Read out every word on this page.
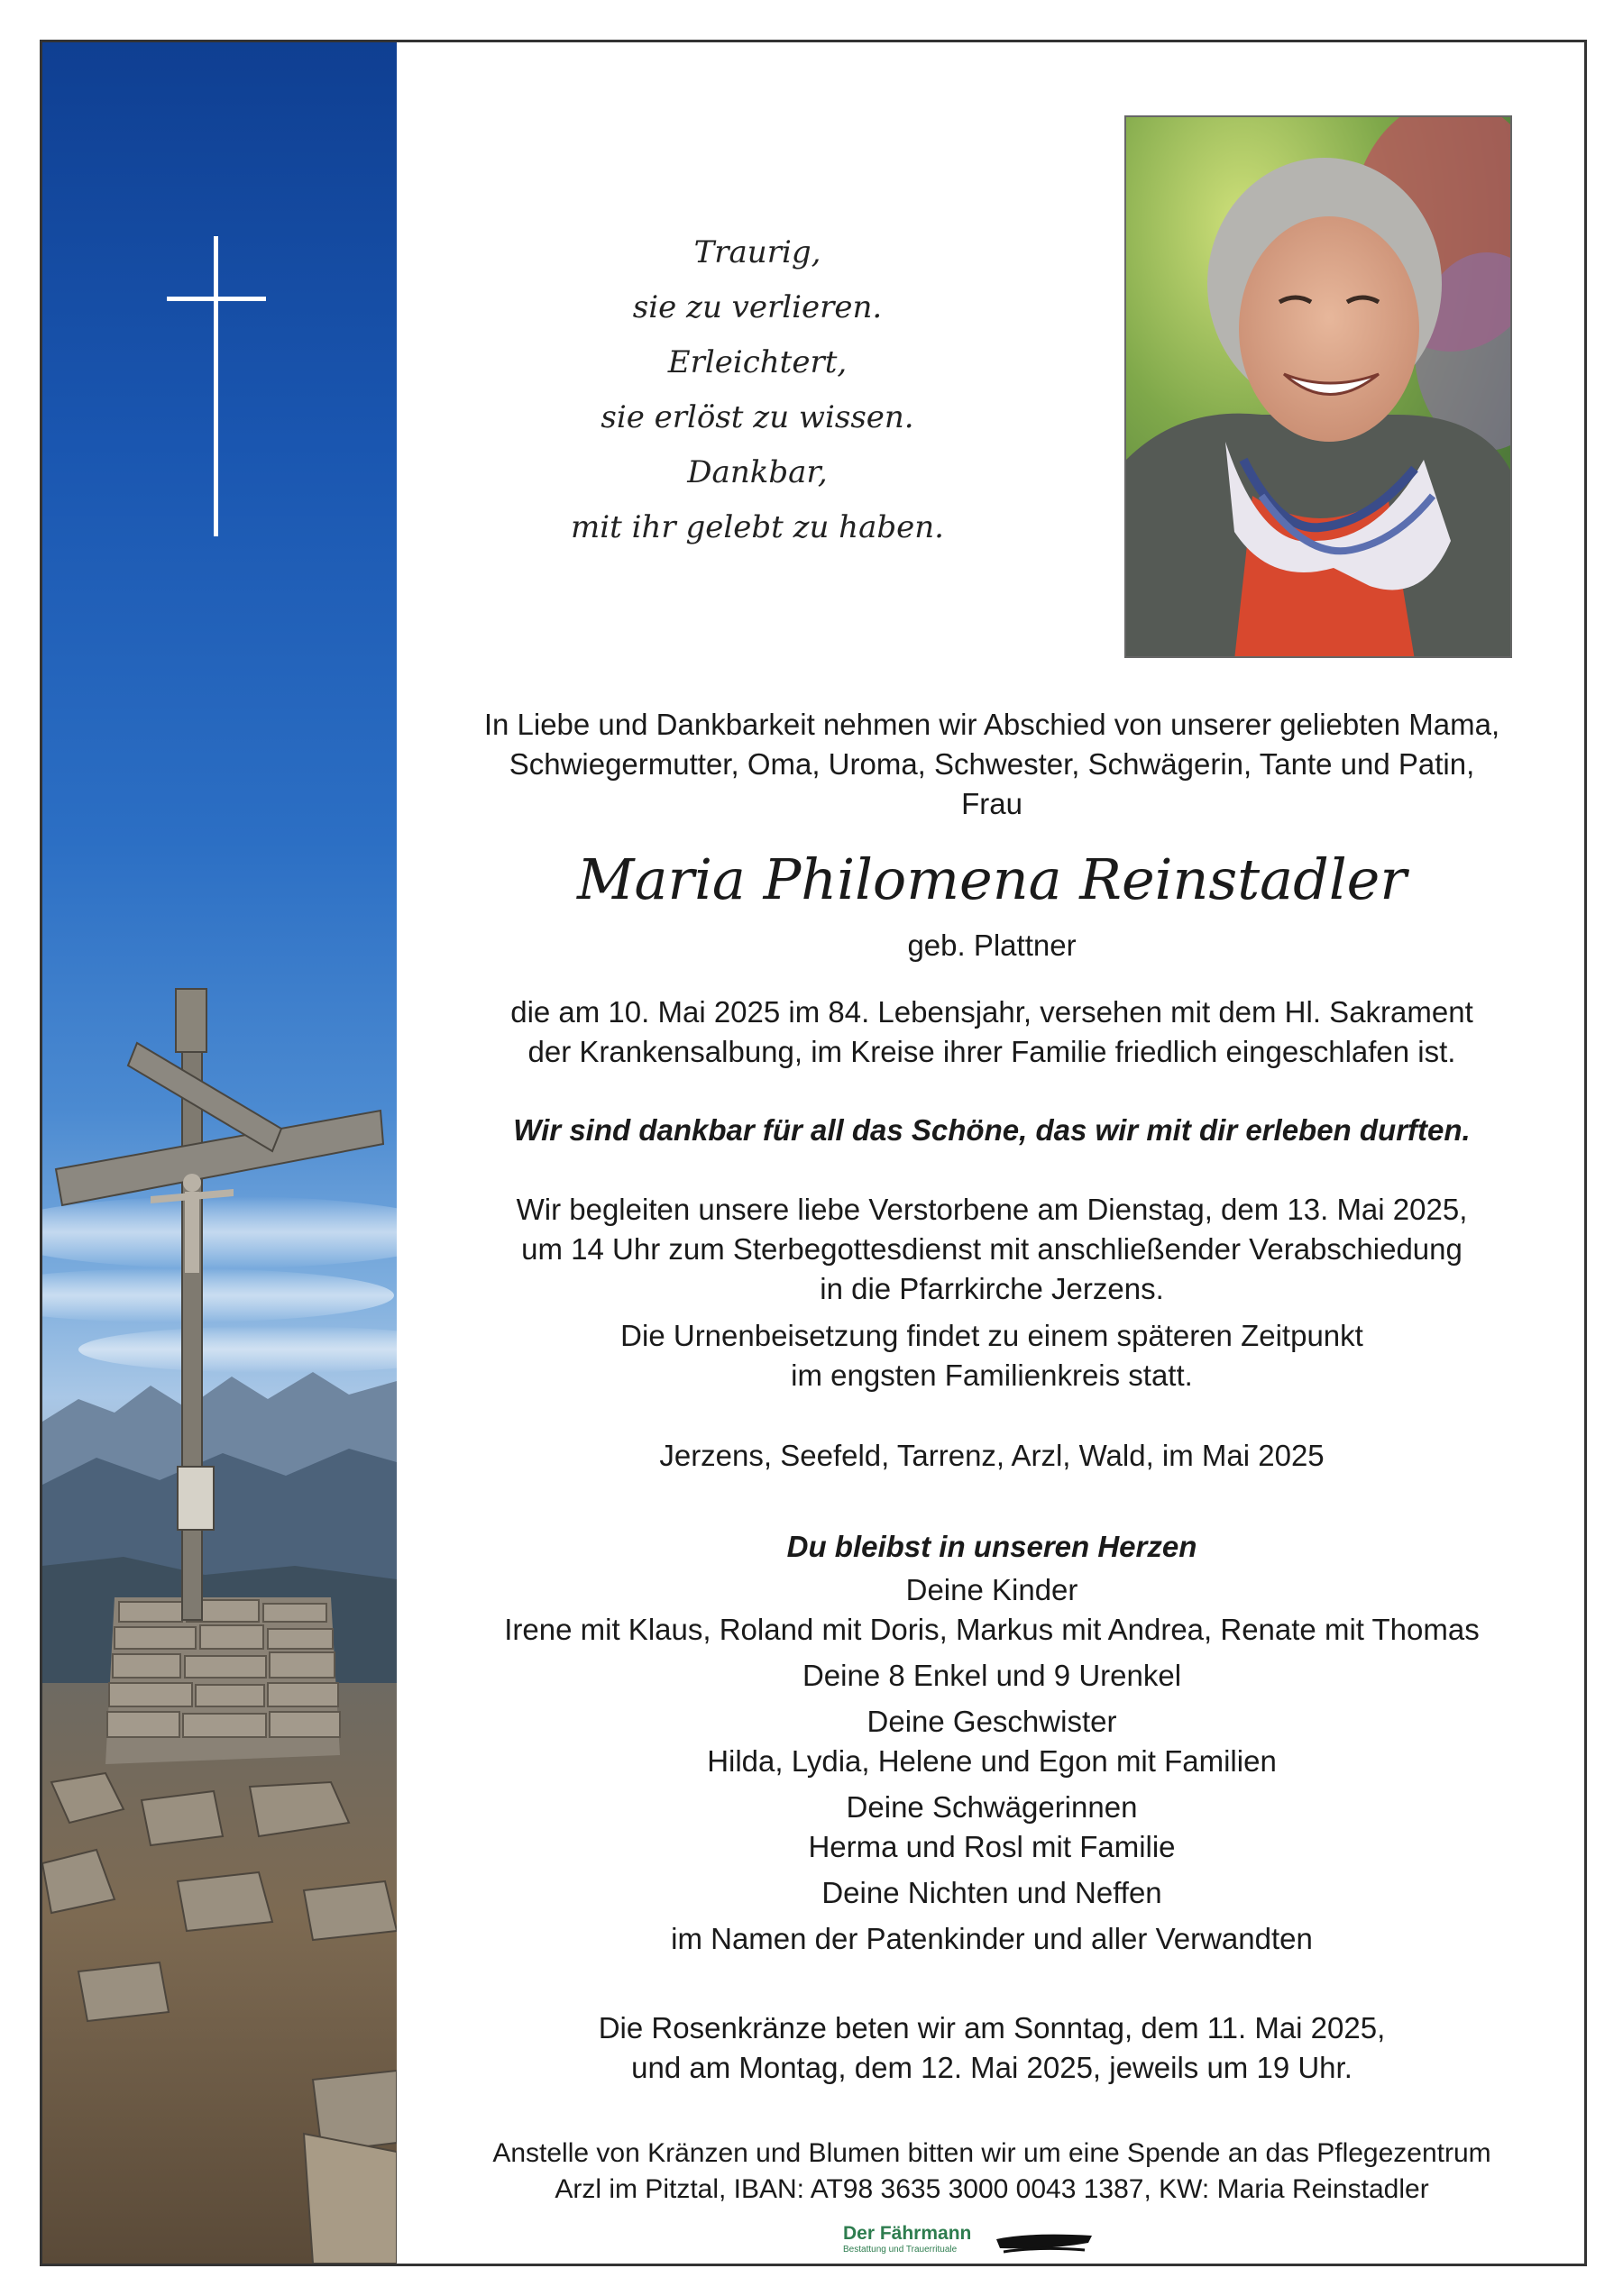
Traurig,
sie zu verlieren.
Erleichtert,
sie erlöst zu wissen.
Dankbar,
mit ihr gelebt zu haben.
In Liebe und Dankbarkeit nehmen wir Abschied von unserer geliebten Mama,
Schwiegermutter, Oma, Uroma, Schwester, Schwägerin, Tante und Patin,
Frau
Maria Philomena Reinstadler
geb. Plattner
die am 10. Mai 2025 im 84. Lebensjahr, versehen mit dem Hl. Sakrament
der Krankensalbung, im Kreise ihrer Familie friedlich eingeschlafen ist.
Wir sind dankbar für all das Schöne, das wir mit dir erleben durften.
Wir begleiten unsere liebe Verstorbene am Dienstag, dem 13. Mai 2025,
um 14 Uhr zum Sterbegottesdienst mit anschließender Verabschiedung
in die Pfarrkirche Jerzens.
Die Urnenbeisetzung findet zu einem späteren Zeitpunkt
im engsten Familienkreis statt.
Jerzens, Seefeld, Tarrenz, Arzl, Wald, im Mai 2025
Du bleibst in unseren Herzen
Deine Kinder
Irene mit Klaus, Roland mit Doris, Markus mit Andrea, Renate mit Thomas
Deine 8 Enkel und 9 Urenkel
Deine Geschwister
Hilda, Lydia, Helene und Egon mit Familien
Deine Schwägerinnen
Herma und Rosl mit Familie
Deine Nichten und Neffen
im Namen der Patenkinder und aller Verwandten
Die Rosenkränze beten wir am Sonntag, dem 11. Mai 2025,
und am Montag, dem 12. Mai 2025, jeweils um 19 Uhr.
Anstelle von Kränzen und Blumen bitten wir um eine Spende an das Pflegezentrum
Arzl im Pitztal, IBAN: AT98 3635 3000 0043 1387, KW: Maria Reinstadler
Der Fährmann
Bestattung und Trauerrituale
